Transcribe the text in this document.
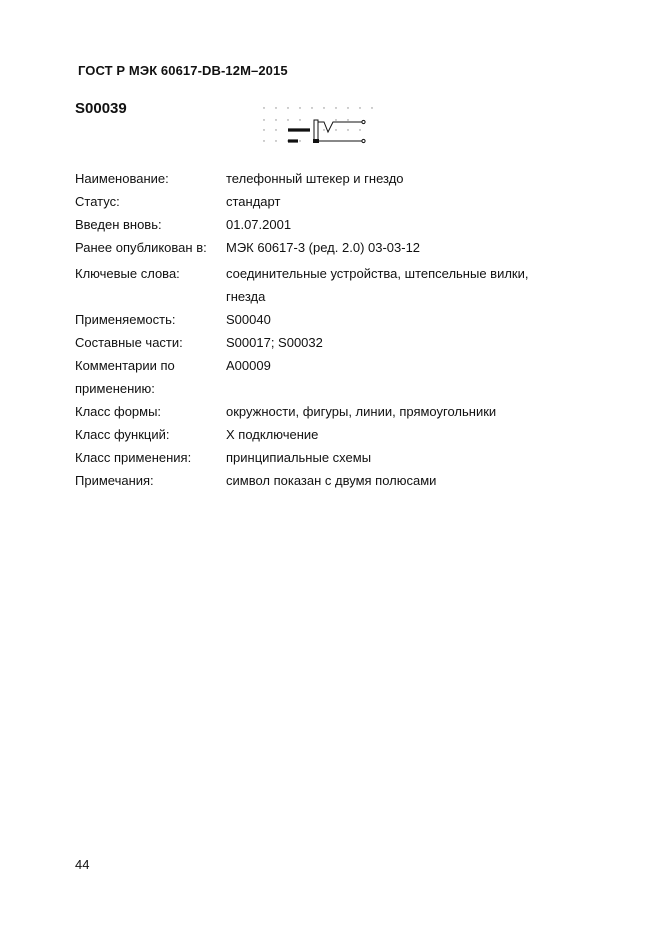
ГОСТ Р МЭК 60617-DB-12M–2015
S00039
Наименование:	телефонный штекер и гнездо
Статус:	стандарт
Введен вновь:	01.07.2001
Ранее опубликован в:	МЭК 60617-3 (ред. 2.0) 03-03-12
Ключевые слова:	соединительные устройства, штепсельные вилки,
гнезда
Применяемость:	S00040
Составные части:	S00017; S00032
Комментарии по
применению:
A00009
Класс формы:	окружности, фигуры, линии, прямоугольники
Класс функций:	X подключение
Класс применения:	принципиальные схемы
Примечания:	символ показан с двумя полюсами
44
